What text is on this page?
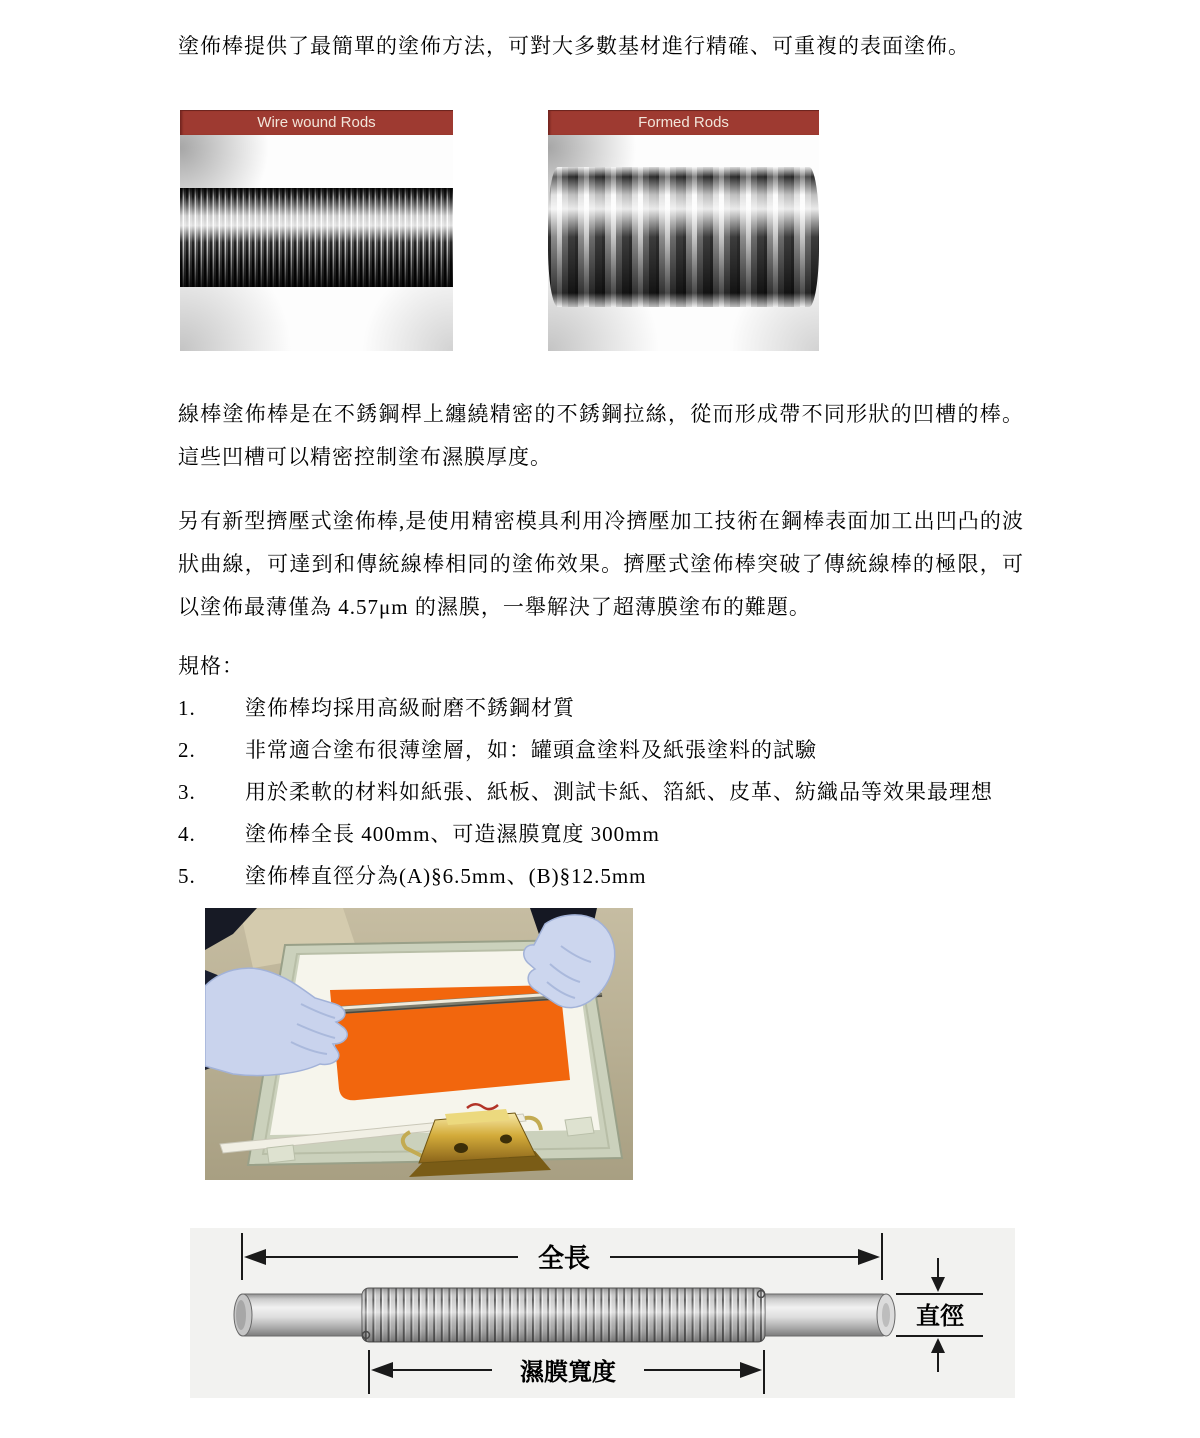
塗佈棒提供了最簡單的塗佈方法，可對大多數基材進行精確、可重複的表面塗佈。

Wire wound Rods	Formed Rods

線棒塗佈棒是在不銹鋼桿上纏繞精密的不銹鋼拉絲，從而形成帶不同形狀的凹槽的棒。這些凹槽可以精密控制塗布濕膜厚度。

另有新型擠壓式塗佈棒,是使用精密模具利用冷擠壓加工技術在鋼棒表面加工出凹凸的波狀曲線，可達到和傳統線棒相同的塗佈效果。擠壓式塗佈棒突破了傳統線棒的極限，可以塗佈最薄僅為 4.57μm 的濕膜，一舉解決了超薄膜塗布的難題。

規格：
1.	塗佈棒均採用高級耐磨不銹鋼材質
2.	非常適合塗布很薄塗層，如：罐頭盒塗料及紙張塗料的試驗
3.	用於柔軟的材料如紙張、紙板、測試卡紙、箔紙、皮革、紡織品等效果最理想
4.	塗佈棒全長 400mm、可造濕膜寬度 300mm
5.	塗佈棒直徑分為(A)§6.5mm、(B)§12.5mm
全長
濕膜寬度
直徑
